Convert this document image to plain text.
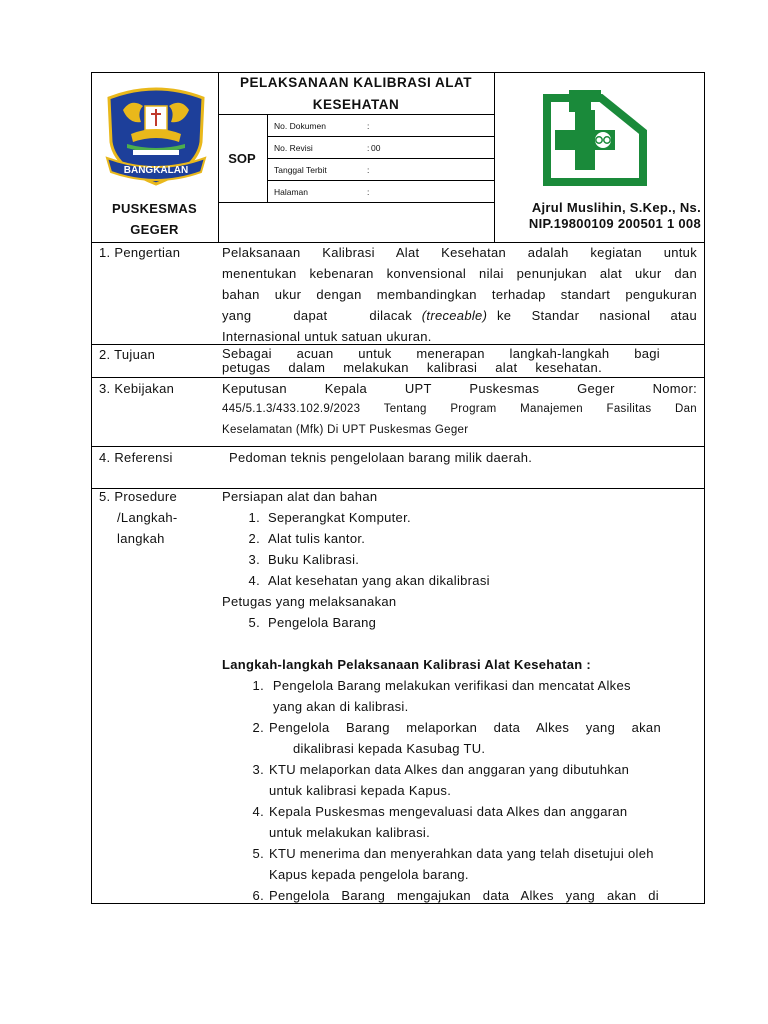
BANGKALAN
PELAKSANAAN KALIBRASI ALAT KESEHATAN
SOP
No. Dokumen	:
No. Revisi	: 00
Tanggal Terbit	:
Halaman	:
PUSKESMAS
GEGER
Ajrul Muslihin, S.Kep., Ns.
NIP.19800109 200501 1 008
1. Pengertian	Pelaksanaan Kalibrasi Alat Kesehatan adalah kegiatan untuk
menentukan kebenaran konvensional nilai penunjukan alat ukur dan
bahan ukur dengan membandingkan terhadap standart pengukuran
yang dapat dilacak (treceable) ke Standar nasional atau
Internasional untuk satuan ukuran.
2. Tujuan	Sebagai acuan untuk menerapan langkah-langkah bagi
petugas dalam melakukan kalibrasi alat kesehatan.
3. Kebijakan	Keputusan Kepala UPT Puskesmas Geger Nomor:
445/5.1.3/433.102.9/2023 Tentang Program Manajemen Fasilitas Dan
Keselamatan (Mfk) Di UPT Puskesmas Geger
4. Referensi	Pedoman teknis pengelolaan barang milik daerah.
5. Prosedure
/Langkah-
langkah
Persiapan alat dan bahan
1. Seperangkat Komputer.
2. Alat tulis kantor.
3. Buku Kalibrasi.
4. Alat kesehatan yang akan dikalibrasi
Petugas yang melaksanakan
5. Pengelola Barang
Langkah-langkah Pelaksanaan Kalibrasi Alat Kesehatan :
1. Pengelola Barang melakukan verifikasi dan mencatat Alkes
yang akan di kalibrasi.
2. Pengelola Barang melaporkan data Alkes yang akan
dikalibrasi kepada Kasubag TU.
3. KTU melaporkan data Alkes dan anggaran yang dibutuhkan
untuk kalibrasi kepada Kapus.
4. Kepala Puskesmas mengevaluasi data Alkes dan anggaran
untuk melakukan kalibrasi.
5. KTU menerima dan menyerahkan data yang telah disetujui oleh
Kapus kepada pengelola barang.
6. Pengelola Barang mengajukan data Alkes yang akan di
